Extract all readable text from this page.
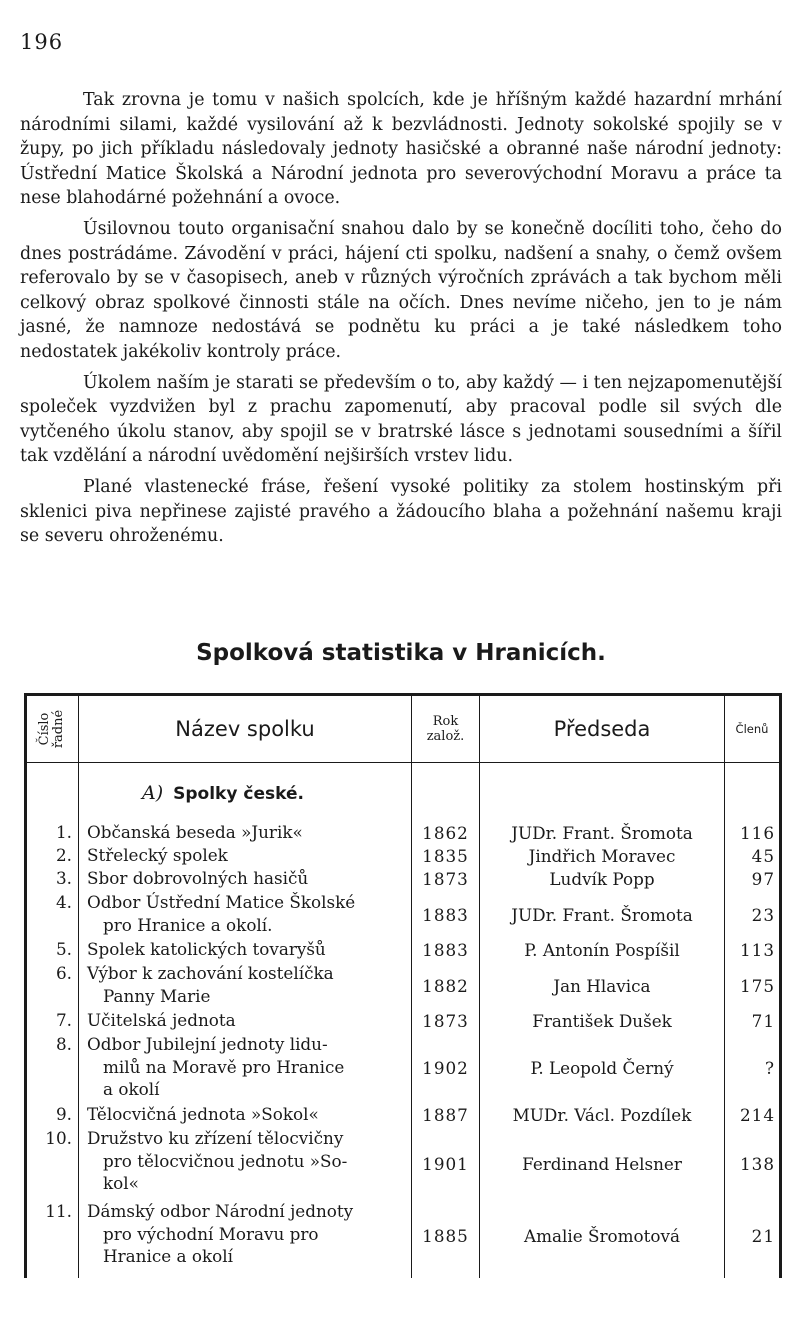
196

Tak zrovna je tomu v našich spolcích, kde je hříšným každé hazardní mrhání národními silami, každé vysilování až k bezvládnosti. Jednoty sokolské spojily se v župy, po jich příkladu následovaly jednoty hasičské a obranné naše národní jednoty: Ústřední Matice Školská a Národní jednota pro severovýchodní Moravu a práce ta nese blahodárné požehnání a ovoce.

Úsilovnou touto organisační snahou dalo by se konečně docíliti toho, čeho do dnes postrádáme. Závodění v práci, hájení cti spolku, nadšení a snahy, o čemž ovšem referovalo by se v časopisech, aneb v různých výročních zprávách a tak bychom měli celkový obraz spolkové činnosti stále na očích. Dnes nevíme ničeho, jen to je nám jasné, že namnoze nedostává se podnětu ku práci a je také následkem toho nedostatek jakékoliv kontroly práce.

Úkolem naším je starati se především o to, aby každý — i ten nejzapomenutější společek vyzdvižen byl z prachu zapomenutí, aby pracoval podle sil svých dle vytčeného úkolu stanov, aby spojil se v bratrské lásce s jednotami sousedními a šířil tak vzdělání a národní uvědomění nejširších vrstev lidu.

Plané vlastenecké fráse, řešení vysoké politiky za stolem hostinským při sklenici piva nepřinese zajisté pravého a žádoucího blaha a požehnání našemu kraji se severu ohroženému.

Spolková statistika v Hranicích.
Číslo
řadné	Název spolku	Rok
založ.	Předseda	Členů
A) Spolky české.
1. Občanská beseda »Jurik«	1862	JUDr. Frant. Šromota	116
2. Střelecký spolek	1835	Jindřich Moravec	45
3. Sbor dobrovolných hasičů	1873	Ludvík Popp	97
4. Odbor Ústřední Matice Školské
pro Hranice a okolí.	1883	JUDr. Frant. Šromota	23
5. Spolek katolických tovaryšů	1883	P. Antonín Pospíšil	113
6. Výbor k zachování kostelíčka
Panny Marie	1882	Jan Hlavica	175
7. Učitelská jednota	1873	František Dušek	71
8. Odbor Jubilejní jednoty lidu-
milů na Moravě pro Hranice
a okolí
1902	P. Leopold Černý	?
9. Tělocvičná jednota »Sokol«	1887	MUDr. Václ. Pozdílek	214
10. Družstvo ku zřízení tělocvičny
pro tělocvičnou jednotu »So-
kol«
1901	Ferdinand Helsner	138
11. Dámský odbor Národní jednoty
pro východní Moravu pro
Hranice a okolí
1885	Amalie Šromotová	21
